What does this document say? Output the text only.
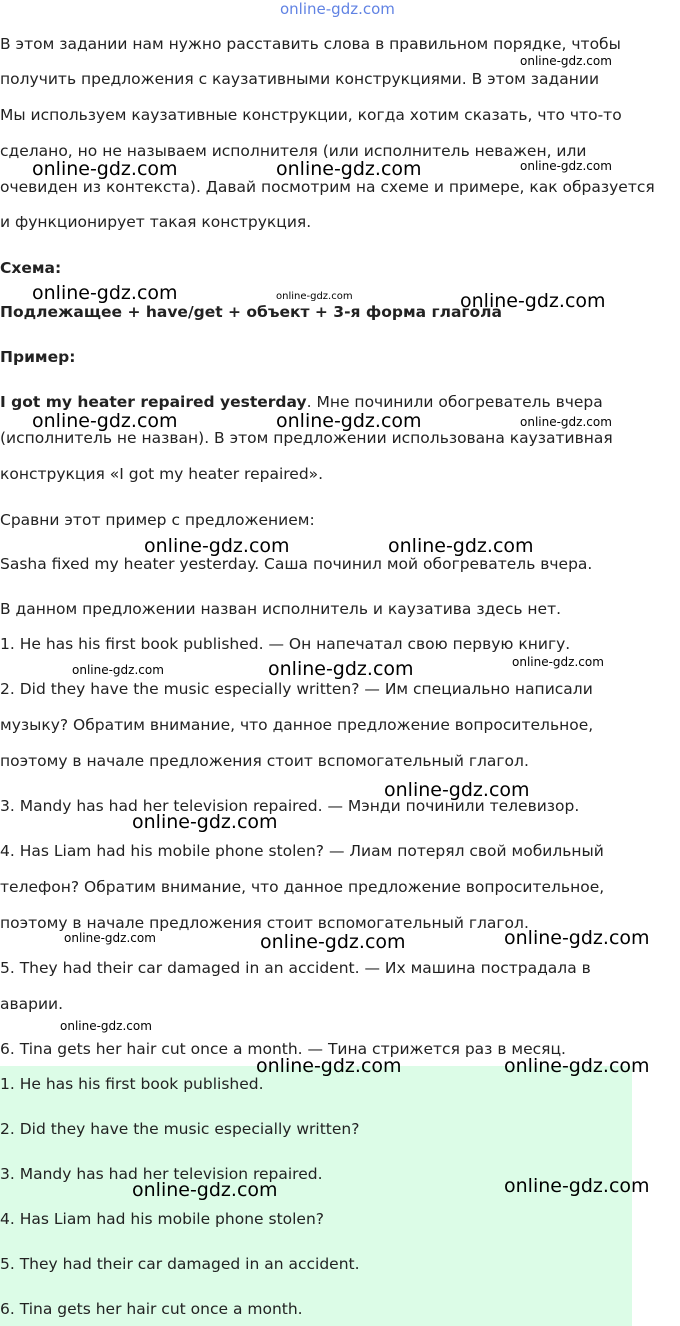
online-gdz.com
В этом задании нам нужно расставить слова в правильном порядке, чтобы
получить предложения с каузативными конструкциями. В этом задании
Мы используем каузативные конструкции, когда хотим сказать, что что-то
сделано, но не называем исполнителя (или исполнитель неважен, или
очевиден из контекста). Давай посмотрим на схеме и примере, как образуется
и функционирует такая конструкция.
Схема:
Подлежащее + have/get + объект + 3-я форма глагола
Пример:
I got my heater repaired yesterday. Мне починили обогреватель вчера
(исполнитель не назван). В этом предложении использована каузативная
конструкция «I got my heater repaired».
Сравни этот пример с предложением:
Sasha fixed my heater yesterday. Саша починил мой обогреватель вчера.
В данном предложении назван исполнитель и каузатива здесь нет.
1. He has his first book published. — Он напечатал свою первую книгу.
2. Did they have the music especially written? — Им специально написали
музыку? Обратим внимание, что данное предложение вопросительное,
поэтому в начале предложения стоит вспомогательный глагол.
3. Mandy has had her television repaired. — Мэнди починили телевизор.
4. Has Liam had his mobile phone stolen? — Лиам потерял свой мобильный
телефон? Обратим внимание, что данное предложение вопросительное,
поэтому в начале предложения стоит вспомогательный глагол.
5. They had their car damaged in an accident. — Их машина пострадала в
аварии.
6. Tina gets her hair cut once a month. — Тина стрижется раз в месяц.
1. He has his first book published.
2. Did they have the music especially written?
3. Mandy has had her television repaired.
4. Has Liam had his mobile phone stolen?
5. They had their car damaged in an accident.
6. Tina gets her hair cut once a month.
online-gdz.com
online-gdz.com	online-gdz.com	online-gdz.com
online-gdz.com	online-gdz.com	online-gdz.com
online-gdz.com	online-gdz.com	online-gdz.com
online-gdz.com	online-gdz.com
online-gdz.com	online-gdz.com	online-gdz.com
online-gdz.com
online-gdz.com
online-gdz.com	online-gdz.com	online-gdz.com
online-gdz.com
online-gdz.com	online-gdz.com
online-gdz.com	online-gdz.com
